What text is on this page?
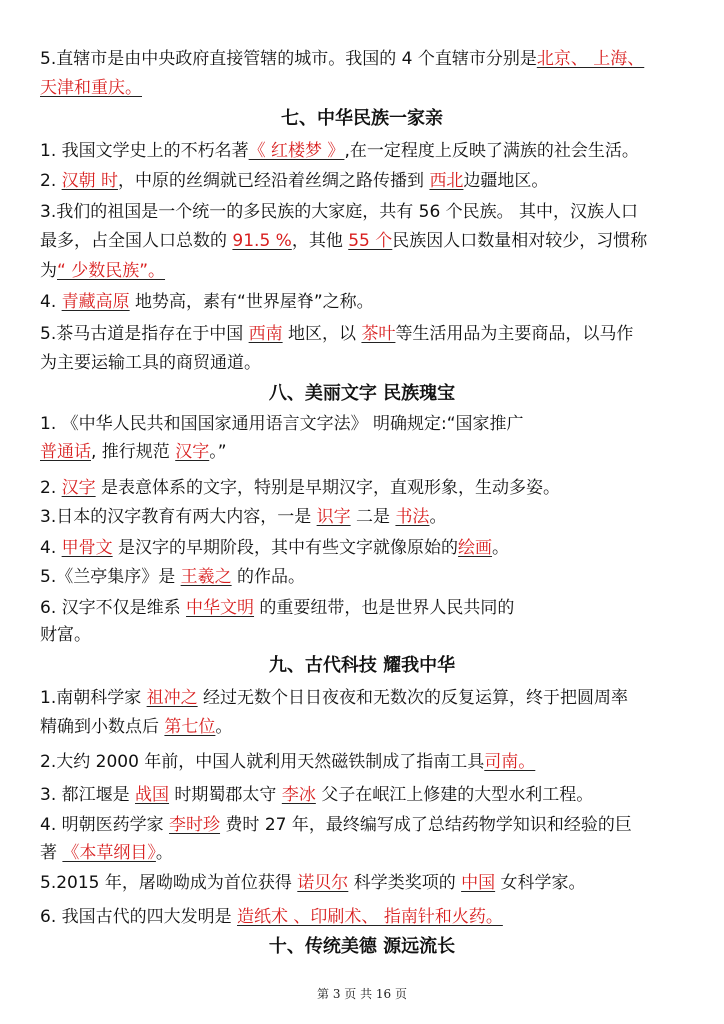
第 3 页 共 16 页
5.直辖市是由中央政府直接管辖的城市。我国的 4 个直辖市分别是北京、 上海、
天津和重庆。
七、中华民族一家亲
1. 我国文学史上的不朽名著《 红楼梦 》,在一定程度上反映了满族的社会生活。
2. 汉朝 时，中原的丝绸就已经沿着丝绸之路传播到 西北边疆地区。
3.我们的祖国是一个统一的多民族的大家庭，共有 56 个民族。 其中，汉族人口
最多，占全国人口总数的 91.5 %，其他 55 个民族因人口数量相对较少，习惯称
为“ 少数民族”。
4. 青藏高原 地势高，素有“世界屋脊”之称。
5.茶马古道是指存在于中国 西南 地区，以 茶叶等生活用品为主要商品，以马作
为主要运输工具的商贸通道。
八、美丽文字 民族瑰宝
1. 《中华人民共和国国家通用语言文字法》 明确规定:“国家推广
普通话, 推行规范 汉字。”
2. 汉字 是表意体系的文字，特别是早期汉字，直观形象，生动多姿。
3.日本的汉字教育有两大内容，一是 识字 二是 书法。
4. 甲骨文 是汉字的早期阶段，其中有些文字就像原始的绘画。
5.《兰亭集序》是 王羲之 的作品。
6. 汉字不仅是维系 中华文明 的重要纽带，也是世界人民共同的
财富。
九、古代科技 耀我中华
1.南朝科学家 祖冲之 经过无数个日日夜夜和无数次的反复运算，终于把圆周率
精确到小数点后 第七位。
2.大约 2000 年前，中国人就利用天然磁铁制成了指南工具司南。
3. 都江堰是 战国 时期蜀郡太守 李冰 父子在岷江上修建的大型水利工程。
4. 明朝医药学家 李时珍 费时 27 年，最终编写成了总结药物学知识和经验的巨
著 《本草纲目》。
5.2015 年，屠呦呦成为首位获得 诺贝尔 科学类奖项的 中国 女科学家。
6. 我国古代的四大发明是 造纸术 、印刷术、 指南针和火药。
十、传统美德 源远流长
